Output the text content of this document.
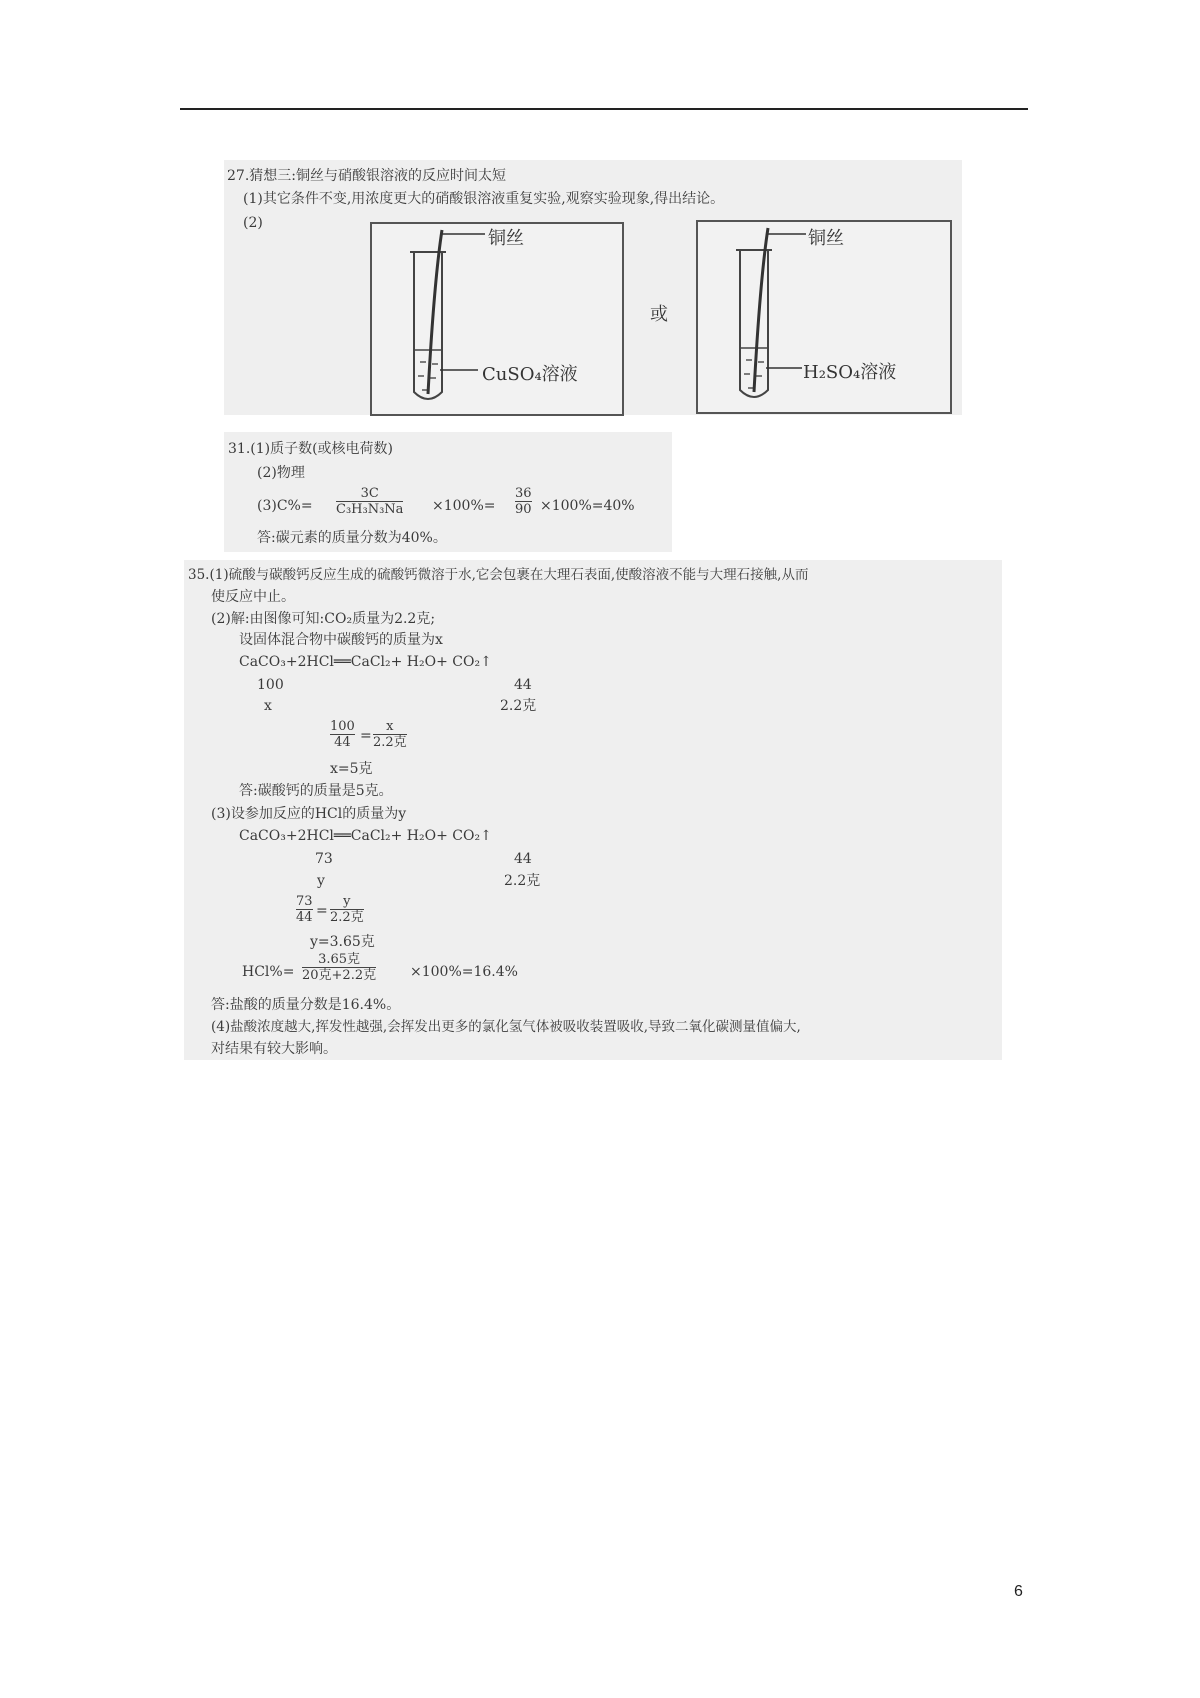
27.猜想三:铜丝与硝酸银溶液的反应时间太短
(1)其它条件不变,用浓度更大的硝酸银溶液重复实验,观察实验现象,得出结论。
(2)
铜丝
CuSO₄溶液
或
铜丝
H₂SO₄溶液
31.(1)质子数(或核电荷数)
(2)物理
(3)C%=
3C
C₃H₃N₃Na ×100%=
36
90 ×100%=40%
答:碳元素的质量分数为40%。
35.(1)硫酸与碳酸钙反应生成的硫酸钙微溶于水,它会包裹在大理石表面,使酸溶液不能与大理石接触,从而
使反应中止。
(2)解:由图像可知:CO₂质量为2.2克;
设固体混合物中碳酸钙的质量为x
CaCO₃+2HCl══CaCl₂+ H₂O+ CO₂↑
100	44
x	2.2克
100
44 =
x
2.2克
x=5克
答:碳酸钙的质量是5克。
(3)设参加反应的HCl的质量为y
CaCO₃+2HCl══CaCl₂+ H₂O+ CO₂↑
73	44
y	2.2克
73
44 =
y
2.2克
y=3.65克
HCl%=
3.65克
20克+2.2克 ×100%=16.4%
答:盐酸的质量分数是16.4%。
(4)盐酸浓度越大,挥发性越强,会挥发出更多的氯化氢气体被吸收装置吸收,导致二氧化碳测量值偏大,
对结果有较大影响。
6
